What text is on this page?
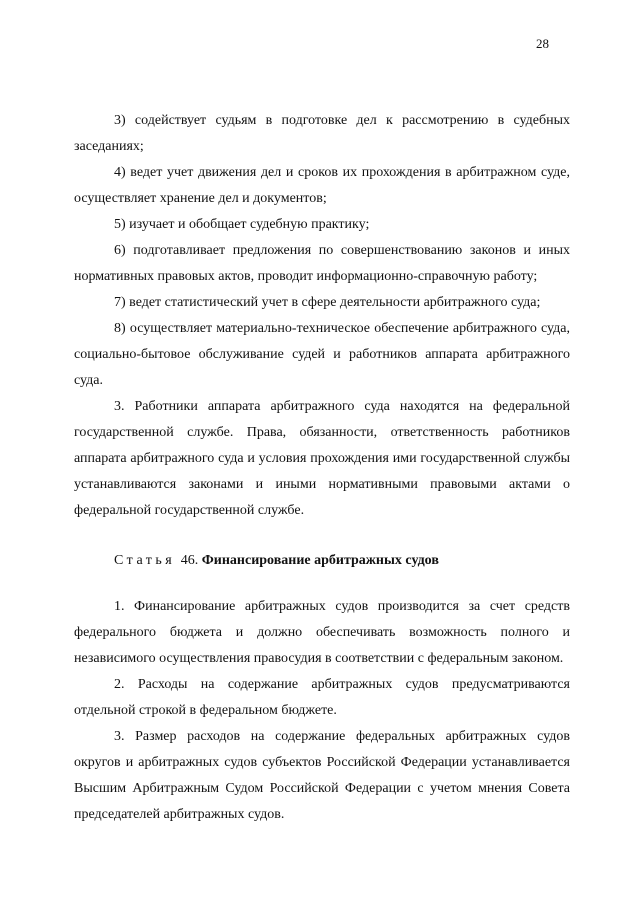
28

3) содействует судьям в подготовке дел к рассмотрению в судебных заседаниях;

4) ведет учет движения дел и сроков их прохождения в арбитражном суде, осуществляет хранение дел и документов;

5) изучает и обобщает судебную практику;

6) подготавливает предложения по совершенствованию законов и иных нормативных правовых актов, проводит информационно-справочную работу;

7) ведет статистический учет в сфере деятельности арбитражного суда;

8) осуществляет материально-техническое обеспечение арбитражного суда, социально-бытовое обслуживание судей и работников аппарата арбитражного суда.

3. Работники аппарата арбитражного суда находятся на федеральной государственной службе. Права, обязанности, ответственность работников аппарата арбитражного суда и условия прохождения ими государственной службы устанавливаются законами и иными нормативными правовыми актами о федеральной государственной службе.

Статья 46. Финансирование арбитражных судов

1. Финансирование арбитражных судов производится за счет средств федерального бюджета и должно обеспечивать возможность полного и независимого осуществления правосудия в соответствии с федеральным законом.

2. Расходы на содержание арбитражных судов предусматриваются отдельной строкой в федеральном бюджете.

3. Размер расходов на содержание федеральных арбитражных судов округов и арбитражных судов субъектов Российской Федерации устанавливается Высшим Арбитражным Судом Российской Федерации с учетом мнения Совета председателей арбитражных судов.
